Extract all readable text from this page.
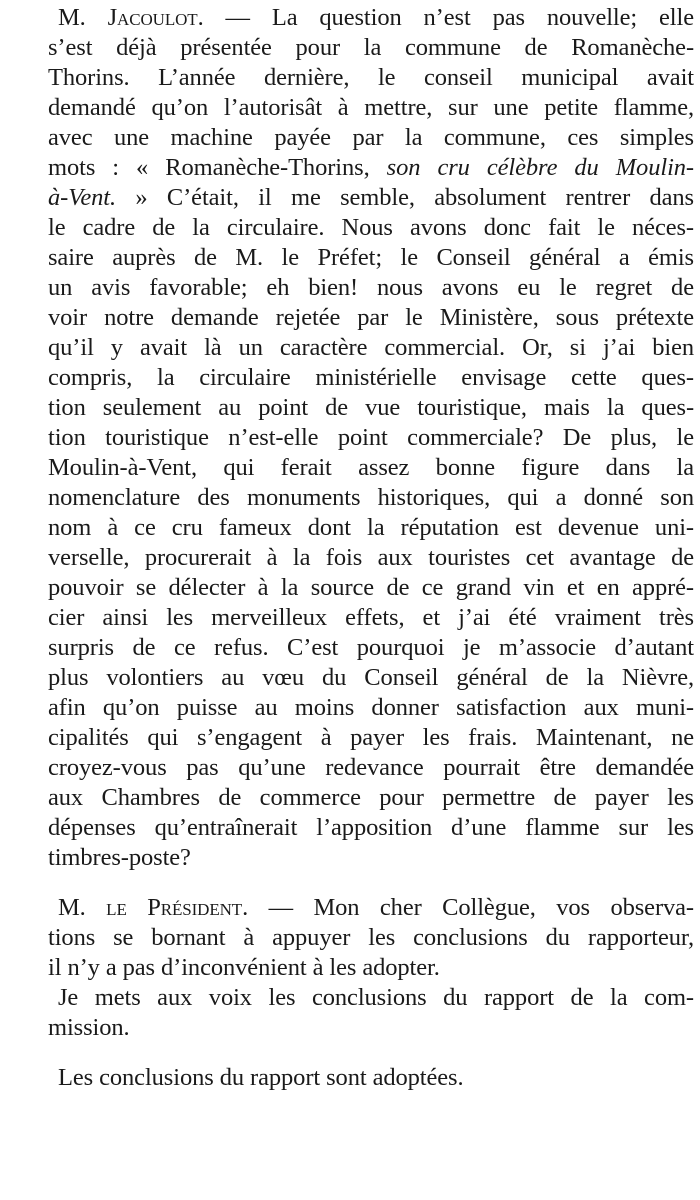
M. Jacoulot. — La question n’est pas nouvelle; elle
s’est déjà présentée pour la commune de Romanèche-
Thorins. L’année dernière, le conseil municipal avait
demandé qu’on l’autorisât à mettre, sur une petite flamme,
avec une machine payée par la commune, ces simples
mots : « Romanèche-Thorins, son cru célèbre du Moulin-
à-Vent. » C’était, il me semble, absolument rentrer dans
le cadre de la circulaire. Nous avons donc fait le néces-
saire auprès de M. le Préfet; le Conseil général a émis
un avis favorable; eh bien! nous avons eu le regret de
voir notre demande rejetée par le Ministère, sous prétexte
qu’il y avait là un caractère commercial. Or, si j’ai bien
compris, la circulaire ministérielle envisage cette ques-
tion seulement au point de vue touristique, mais la ques-
tion touristique n’est-elle point commerciale? De plus, le
Moulin-à-Vent, qui ferait assez bonne figure dans la
nomenclature des monuments historiques, qui a donné son
nom à ce cru fameux dont la réputation est devenue uni-
verselle, procurerait à la fois aux touristes cet avantage de
pouvoir se délecter à la source de ce grand vin et en appré-
cier ainsi les merveilleux effets, et j’ai été vraiment très
surpris de ce refus. C’est pourquoi je m’associe d’autant
plus volontiers au vœu du Conseil général de la Nièvre,
afin qu’on puisse au moins donner satisfaction aux muni-
cipalités qui s’engagent à payer les frais. Maintenant, ne
croyez-vous pas qu’une redevance pourrait être demandée
aux Chambres de commerce pour permettre de payer les
dépenses qu’entraînerait l’apposition d’une flamme sur les
timbres-poste?
M. le Président. — Mon cher Collègue, vos observa-
tions se bornant à appuyer les conclusions du rapporteur,
il n’y a pas d’inconvénient à les adopter.
Je mets aux voix les conclusions du rapport de la com-
mission.
Les conclusions du rapport sont adoptées.
